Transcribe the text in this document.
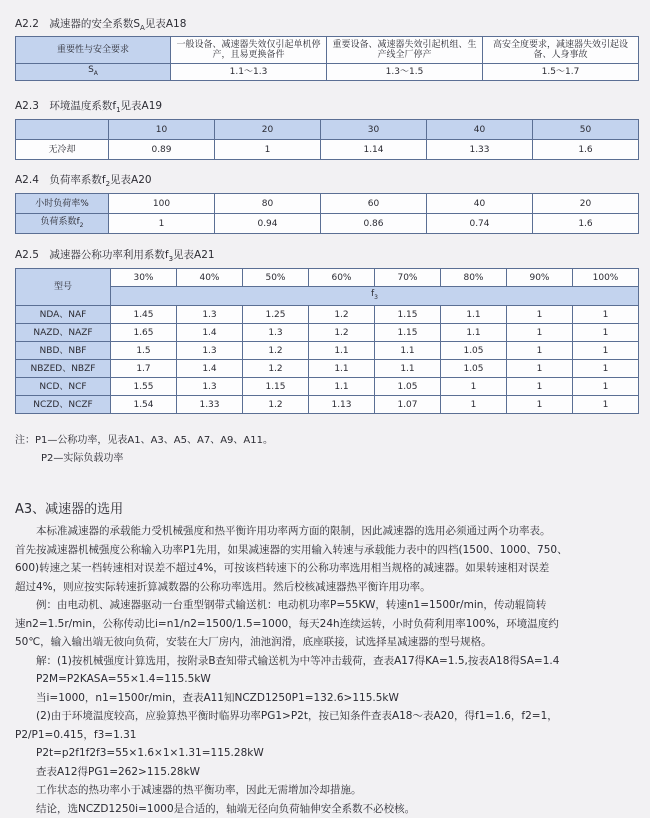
A2.2　减速器的安全系数$S_A$见表A18
重要性与安全要求	一般设备、减速器失效仅引起单机停产，且易更换备件	重要设备、减速器失效引起机组、生产线全厂停产	高安全度要求，减速器失效引起设备、人身事故
$S_A$	1.1～1.3	1.3～1.5	1.5～1.7
A2.3　环境温度系数$f_1$见表A19
	10	20	30	40	50
无冷却	0.89	1	1.14	1.33	1.6
A2.4　负荷率系数$f_2$见表A20
小时负荷率%	100	80	60	40	20
负荷系数$f_2$	1	0.94	0.86	0.74	1.6
A2.5　减速器公称功率利用系数$f_3$见表A21
型号	30%	40%	50%	60%	70%	80%	90%	100%
	$f_3$
NDA、NAF	1.45	1.3	1.25	1.2	1.15	1.1	1	1
NAZD、NAZF	1.65	1.4	1.3	1.2	1.15	1.1	1	1
NBD、NBF	1.5	1.3	1.2	1.1	1.1	1.05	1	1
NBZED、NBZF	1.7	1.4	1.2	1.1	1.1	1.05	1	1
NCD、NCF	1.55	1.3	1.15	1.1	1.05	1	1	1
NCZD、NCZF	1.54	1.33	1.2	1.13	1.07	1	1	1
注：P1—公称功率，见表A1、A3、A5、A7、A9、A11。
P2—实际负载功率
A3、减速器的选用
本标准减速器的承载能力受机械强度和热平衡许用功率两方面的限制，因此减速器的选用必须通过两个功率表。
首先按减速器机械强度公称输入功率P1先用，如果减速器的实用输入转速与承载能力表中的四档(1500、1000、750、
600)转速之某一档转速相对误差不超过4%，可按该档转速下的公称功率选用相当规格的减速器。如果转速相对误差
超过4%，则应按实际转速折算减数器的公称功率选用。然后校核减速器热平衡许用功率。
例：由电动机、减速器驱动一台重型钢带式输送机：电动机功率P=55KW，转速n1=1500r/min，传动辊筒转
速n2=1.5r/min，公称传动比i=n1/n2=1500/1.5=1000，每天24h连续运转，小时负荷利用率100%，环境温度约
50℃，输入输出端无彼向负荷，安装在大厂房内，油池润滑，底座联接，试选择星减速器的型号规格。
解：(1)按机械强度计算选用，按附录B查知带式输送机为中等冲击载荷，查表A17得KA=1.5,按表A18得SA=1.4
P2M=P2KASA=55×1.4=115.5kW
当i=1000，n1=1500r/min，查表A11知NCZD1250P1=132.6>115.5kW
(2)由于环境温度较高，应验算热平衡时临界功率PG1>P2t，按已知条件查表A18～表A20，得f1=1.6，f2=1，
P2/P1=0.415，f3=1.31
P2t=p2f1f2f3=55×1.6×1×1.31=115.28kW
查表A12得PG1=262>115.28kW
工作状态的热功率小于减速器的热平衡功率，因此无需增加冷却措施。
结论，选NCZD1250i=1000是合适的，轴端无径向负荷轴伸安全系数不必校核。
